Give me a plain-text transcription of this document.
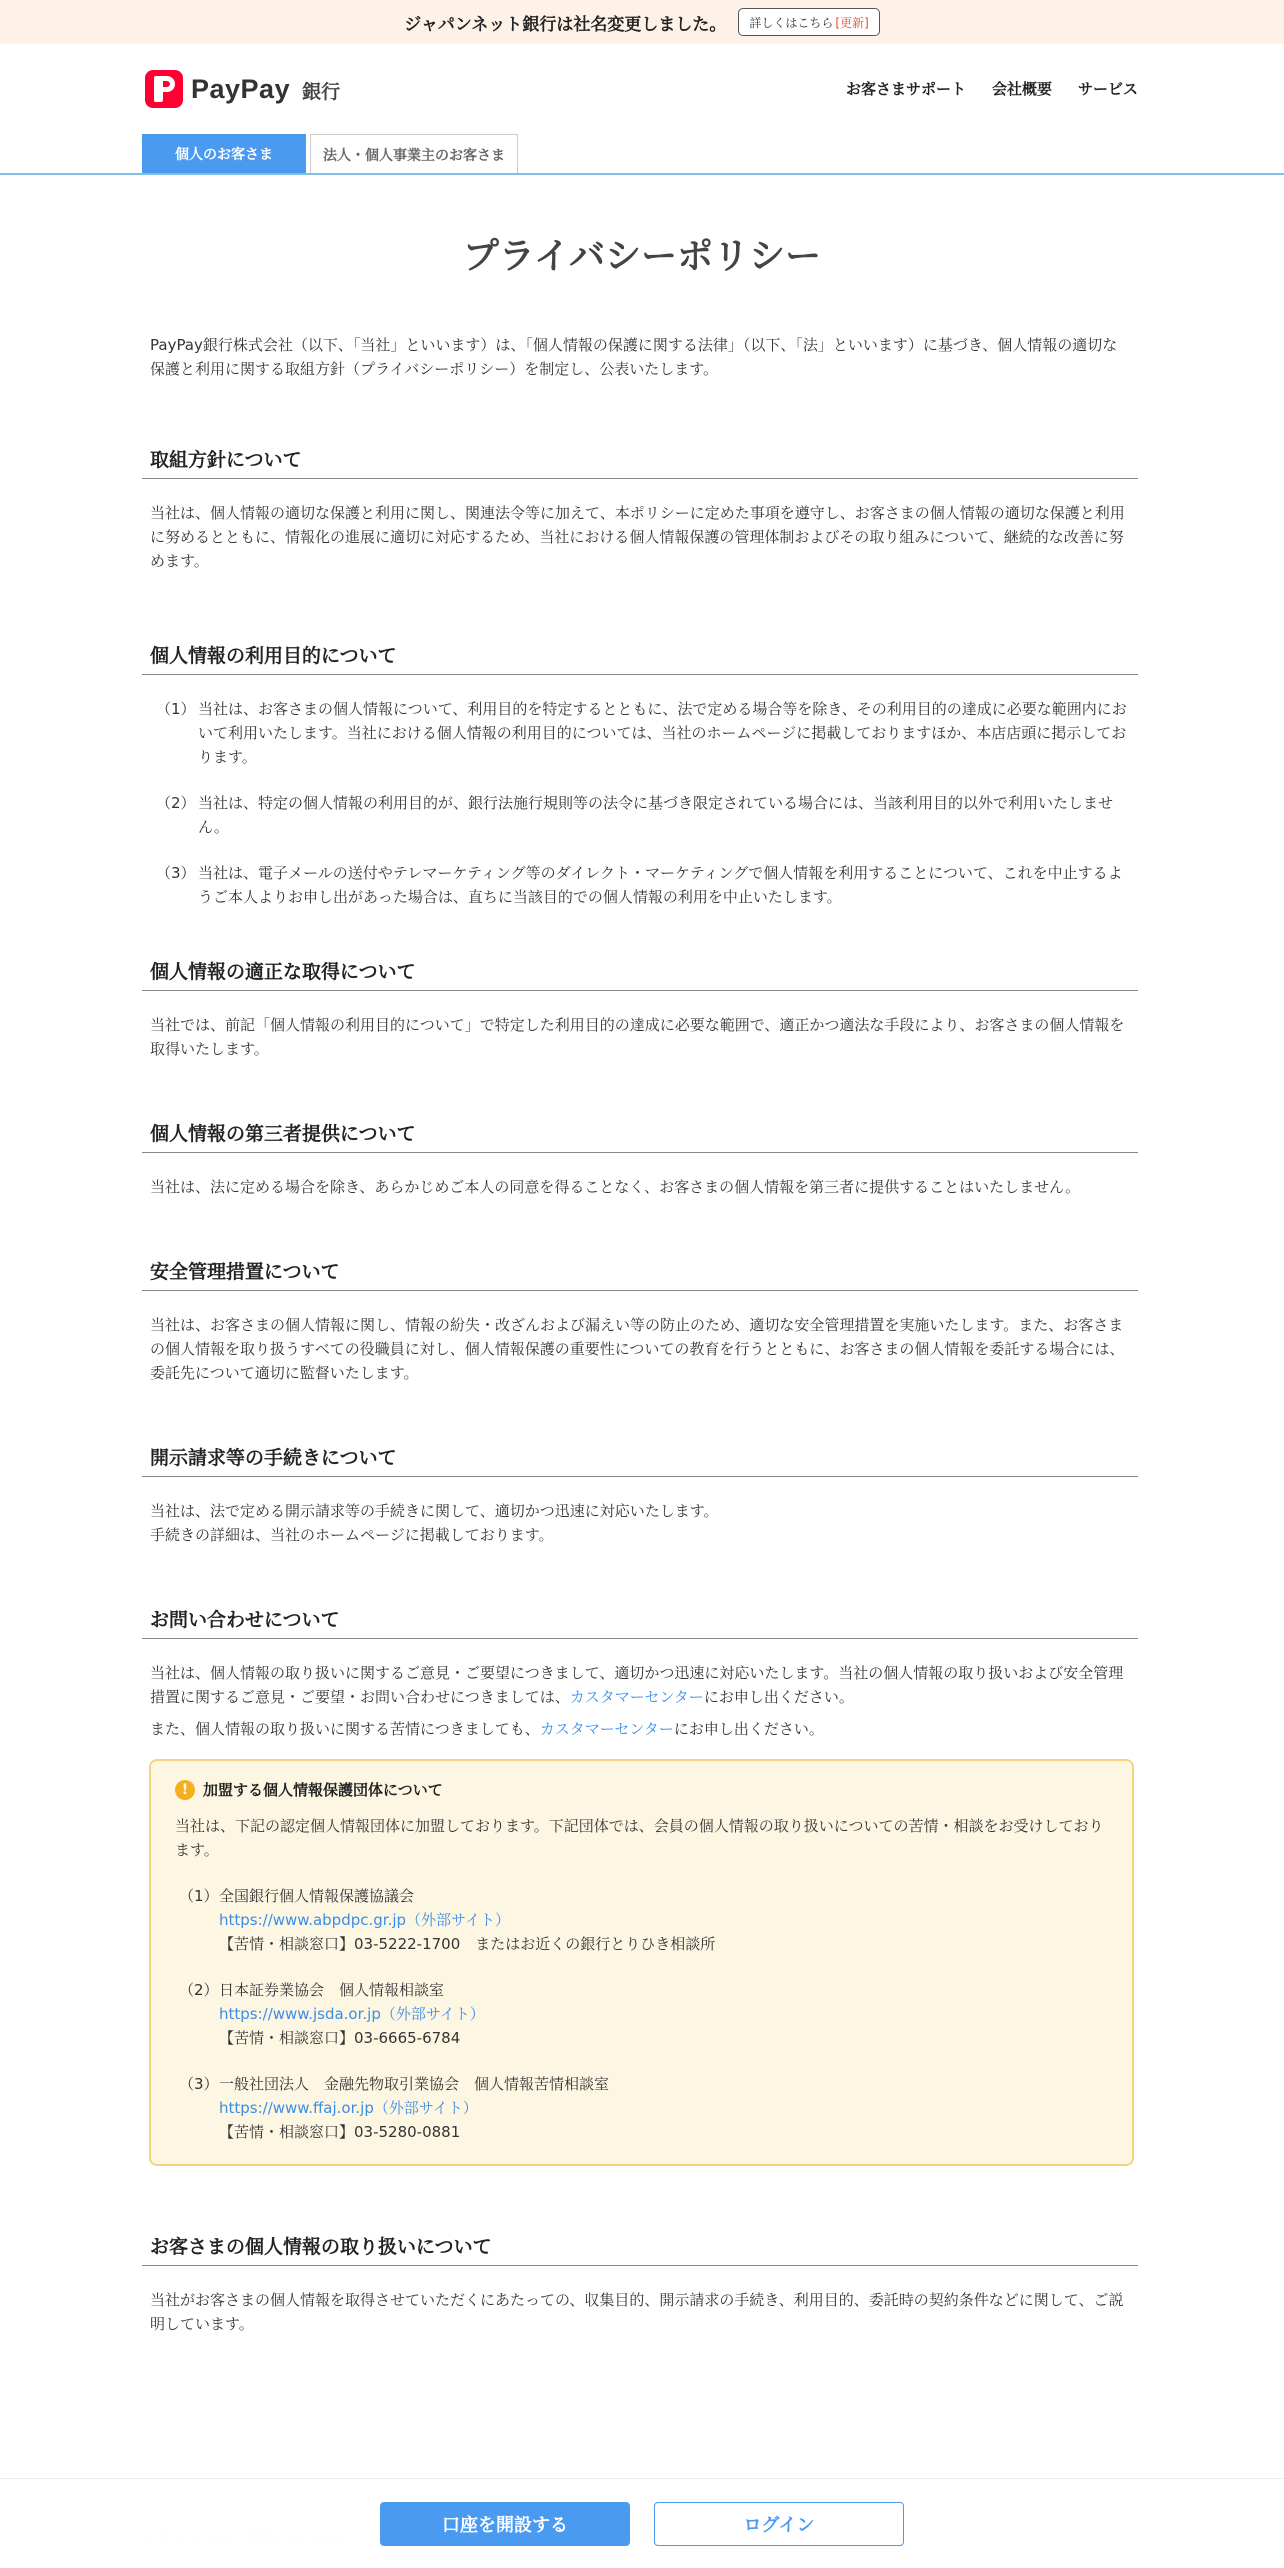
ジャパンネット銀行は社名変更しました。 詳しくはこちら [更新]
PayPay 銀行	お客さまサポート 会社概要 サービス
個人のお客さま	法人・個人事業主のお客さま
プライバシーポリシー

PayPay銀行株式会社（以下、「当社」といいます）は、「個人情報の保護に関する法律」（以下、「法」といいます）に基づき、個人情報の適切な保護と利用に関する取組方針（プライバシーポリシー）を制定し、公表いたします。

取組方針について

当社は、個人情報の適切な保護と利用に関し、関連法令等に加えて、本ポリシーに定めた事項を遵守し、お客さまの個人情報の適切な保護と利用に努めるとともに、情報化の進展に適切に対応するため、当社における個人情報保護の管理体制およびその取り組みについて、継続的な改善に努めます。

個人情報の利用目的について
（1） 当社は、お客さまの個人情報について、利用目的を特定するとともに、法で定める場合等を除き、その利用目的の達成に必要な範囲内において利用いたします。当社における個人情報の利用目的については、当社のホームページに掲載しておりますほか、本店店頭に掲示しております。
（2） 当社は、特定の個人情報の利用目的が、銀行法施行規則等の法令に基づき限定されている場合には、当該利用目的以外で利用いたしません。
（3） 当社は、電子メールの送付やテレマーケティング等のダイレクト・マーケティングで個人情報を利用することについて、これを中止するようご本人よりお申し出があった場合は、直ちに当該目的での個人情報の利用を中止いたします。
個人情報の適正な取得について

当社では、前記「個人情報の利用目的について」で特定した利用目的の達成に必要な範囲で、適正かつ適法な手段により、お客さまの個人情報を取得いたします。

個人情報の第三者提供について

当社は、法に定める場合を除き、あらかじめご本人の同意を得ることなく、お客さまの個人情報を第三者に提供することはいたしません。

安全管理措置について

当社は、お客さまの個人情報に関し、情報の紛失・改ざんおよび漏えい等の防止のため、適切な安全管理措置を実施いたします。また、お客さまの個人情報を取り扱うすべての役職員に対し、個人情報保護の重要性についての教育を行うとともに、お客さまの個人情報を委託する場合には、委託先について適切に監督いたします。

開示請求等の手続きについて
当社は、法で定める開示請求等の手続きに関して、適切かつ迅速に対応いたします。
手続きの詳細は、当社のホームページに掲載しております。
お問い合わせについて

当社は、個人情報の取り扱いに関するご意見・ご要望につきまして、適切かつ迅速に対応いたします。当社の個人情報の取り扱いおよび安全管理措置に関するご意見・ご要望・お問い合わせにつきましては、カスタマーセンターにお申し出ください。

また、個人情報の取り扱いに関する苦情につきましても、カスタマーセンターにお申し出ください。

! 加盟する個人情報保護団体について

当社は、下記の認定個人情報団体に加盟しております。下記団体では、会員の個人情報の取り扱いについての苦情・相談をお受けしております。

（1） 全国銀行個人情報保護協議会
https://www.abpdpc.gr.jp（外部サイト）
【苦情・相談窓口】03-5222-1700　またはお近くの銀行とりひき相談所
（2） 日本証券業協会　個人情報相談室
https://www.jsda.or.jp（外部サイト）
【苦情・相談窓口】03-6665-6784
（3） 一般社団法人　金融先物取引業協会　個人情報苦情相談室
https://www.ffaj.or.jp（外部サイト）
【苦情・相談窓口】03-5280-0881
お客さまの個人情報の取り扱いについて

当社がお客さまの個人情報を取得させていただくにあたっての、収集目的、開示請求の手続き、利用目的、委託時の契約条件などに関して、ご説明しています。

口座を開設する	ログイン
